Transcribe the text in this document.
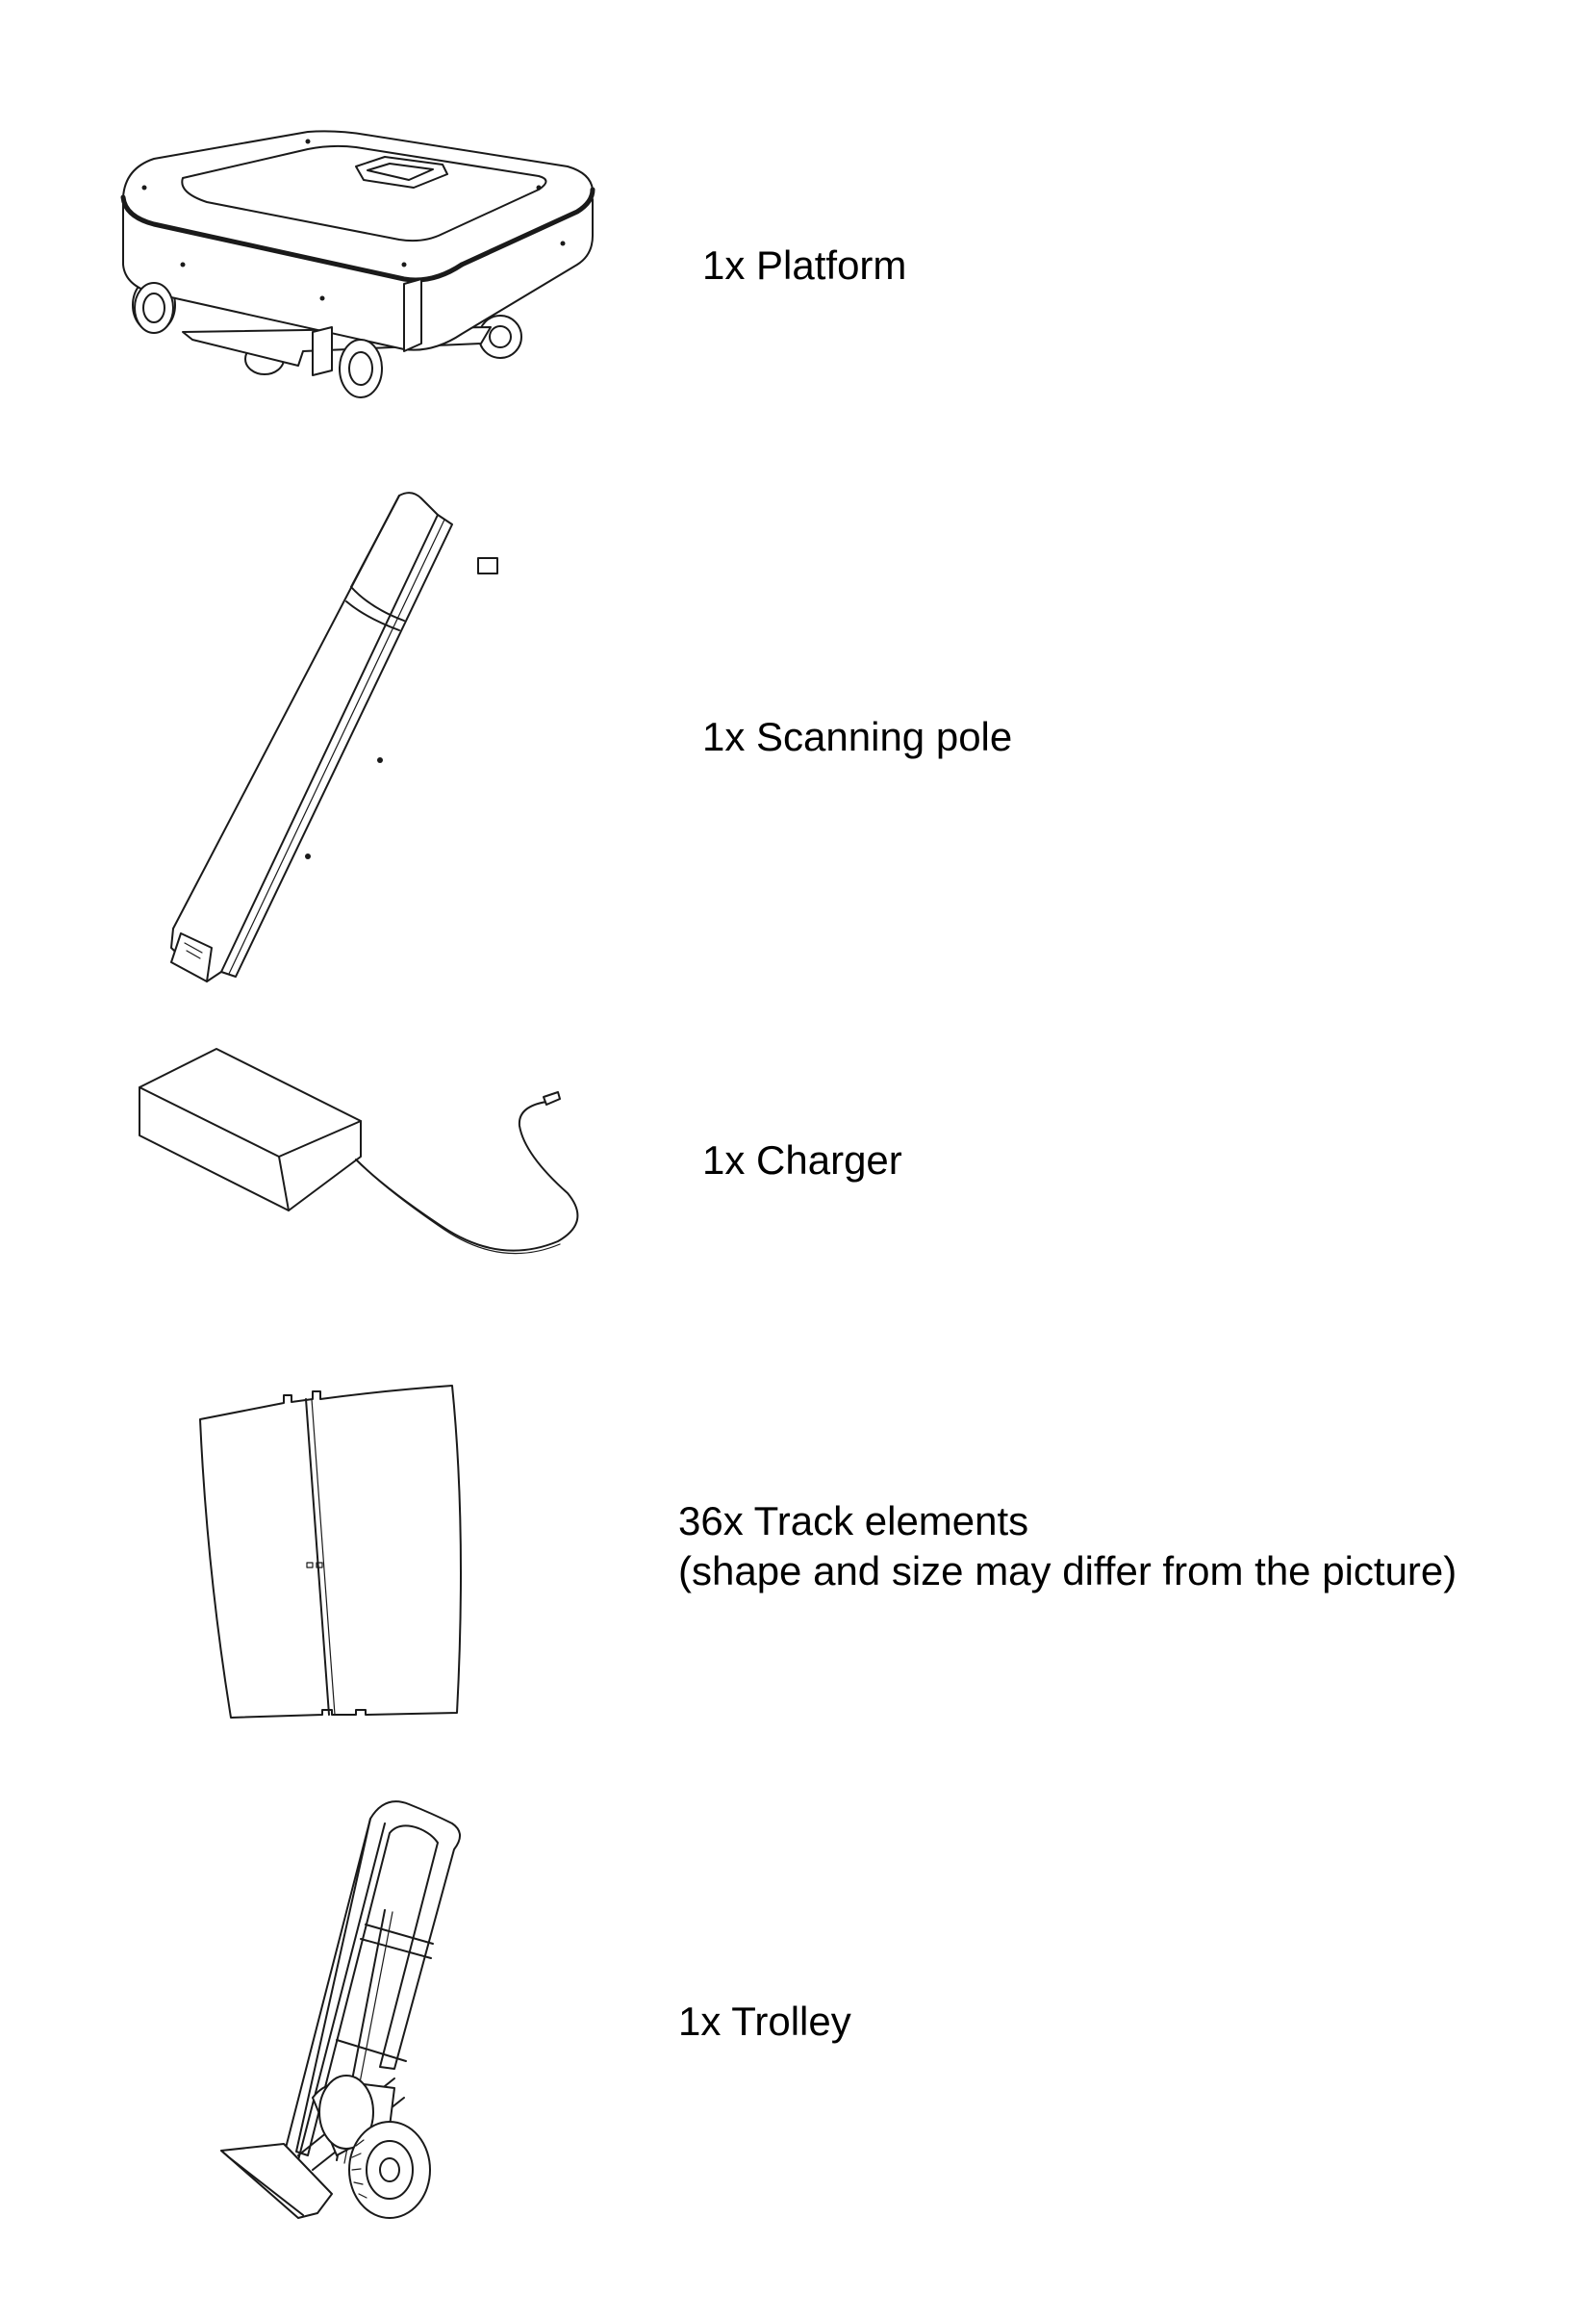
1x Platform
1x Scanning pole
1x Charger
36x Track elements
(shape and size may differ from the picture)
1x Trolley
